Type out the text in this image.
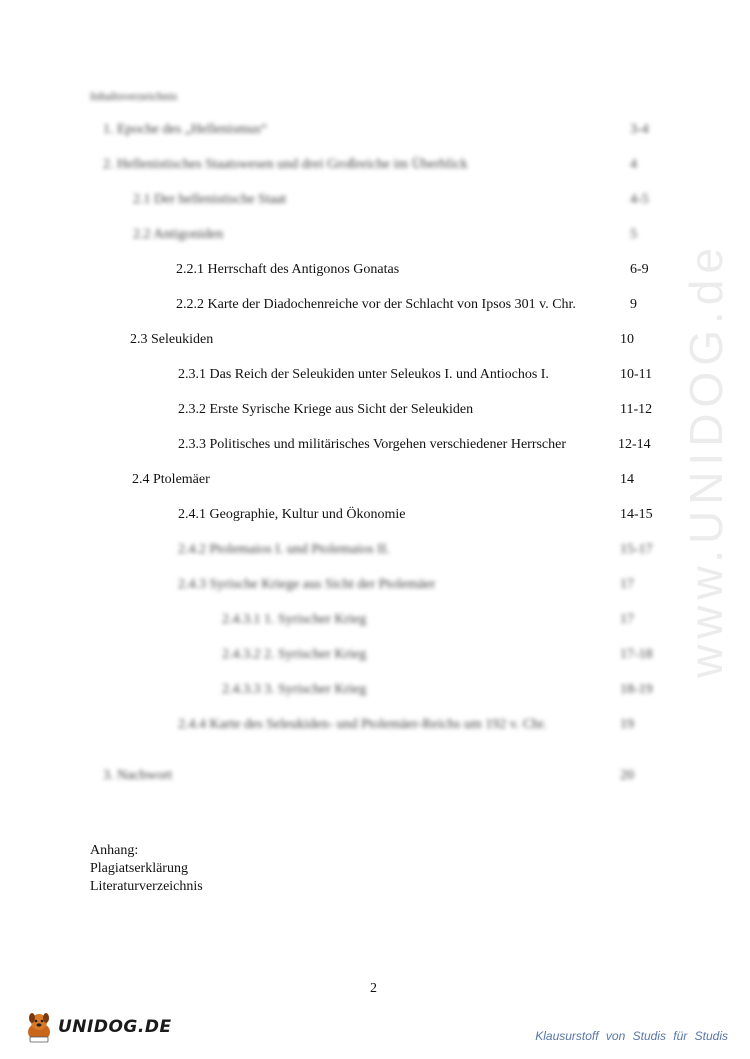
www.UNIDOG.de
Inhaltsverzeichnis
1. Epoche des „Hellenismus“	3-4
2. Hellenistisches Staatswesen und drei Großreiche im Überblick	4
2.1 Der hellenistische Staat	4-5
2.2 Antigoniden	5
2.2.1 Herrschaft des Antigonos Gonatas	6-9
2.2.2 Karte der Diadochenreiche vor der Schlacht von Ipsos 301 v. Chr.	9
2.3 Seleukiden	10
2.3.1 Das Reich der Seleukiden unter Seleukos I. und Antiochos I.	10-11
2.3.2 Erste Syrische Kriege aus Sicht der Seleukiden	11-12
2.3.3 Politisches und militärisches Vorgehen verschiedener Herrscher	12-14
2.4 Ptolemäer	14
2.4.1 Geographie, Kultur und Ökonomie	14-15
2.4.2 Ptolemaios I. und Ptolemaios II.	15-17
2.4.3 Syrische Kriege aus Sicht der Ptolemäer	17
2.4.3.1 1. Syrischer Krieg	17
2.4.3.2 2. Syrischer Krieg	17-18
2.4.3.3 3. Syrischer Krieg	18-19
2.4.4 Karte des Seleukiden- und Ptolemäer-Reichs um 192 v. Chr.	19
3. Nachwort	20
Anhang:
Plagiatserklärung
Literaturverzeichnis
2
UNIDOG.DE	Klausurstoff von Studis für Studis
